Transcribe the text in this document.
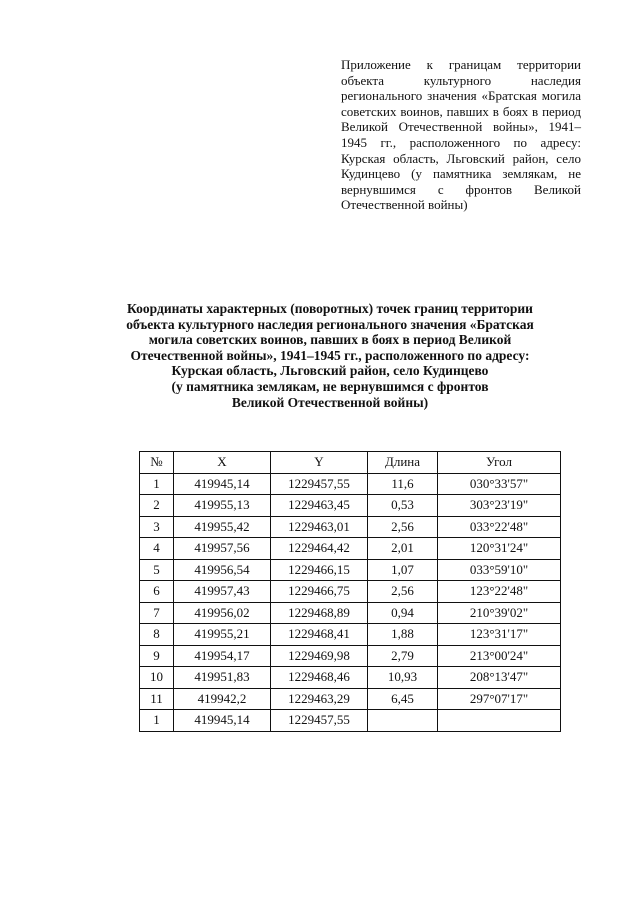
Приложение к границам территории объекта культурного наследия регионального значения «Братская могила советских воинов, павших в боях в период Великой Отечественной войны», 1941–1945 гг., расположенного по адресу: Курская область, Льговский район, село Кудинцево (у памятника землякам, не вернувшимся с фронтов Великой Отечественной войны)
Координаты характерных (поворотных) точек границ территории
объекта культурного наследия регионального значения «Братская
могила советских воинов, павших в боях в период Великой
Отечественной войны», 1941–1945 гг., расположенного по адресу:
Курская область, Льговский район, село Кудинцево
(у памятника землякам, не вернувшимся с фронтов
Великой Отечественной войны)
№	X	Y	Длина	Угол
1	419945,14	1229457,55	11,6	030°33'57"
2	419955,13	1229463,45	0,53	303°23'19"
3	419955,42	1229463,01	2,56	033°22'48"
4	419957,56	1229464,42	2,01	120°31'24"
5	419956,54	1229466,15	1,07	033°59'10"
6	419957,43	1229466,75	2,56	123°22'48"
7	419956,02	1229468,89	0,94	210°39'02"
8	419955,21	1229468,41	1,88	123°31'17"
9	419954,17	1229469,98	2,79	213°00'24"
10	419951,83	1229468,46	10,93	208°13'47"
11	419942,2	1229463,29	6,45	297°07'17"
1	419945,14	1229457,55		
